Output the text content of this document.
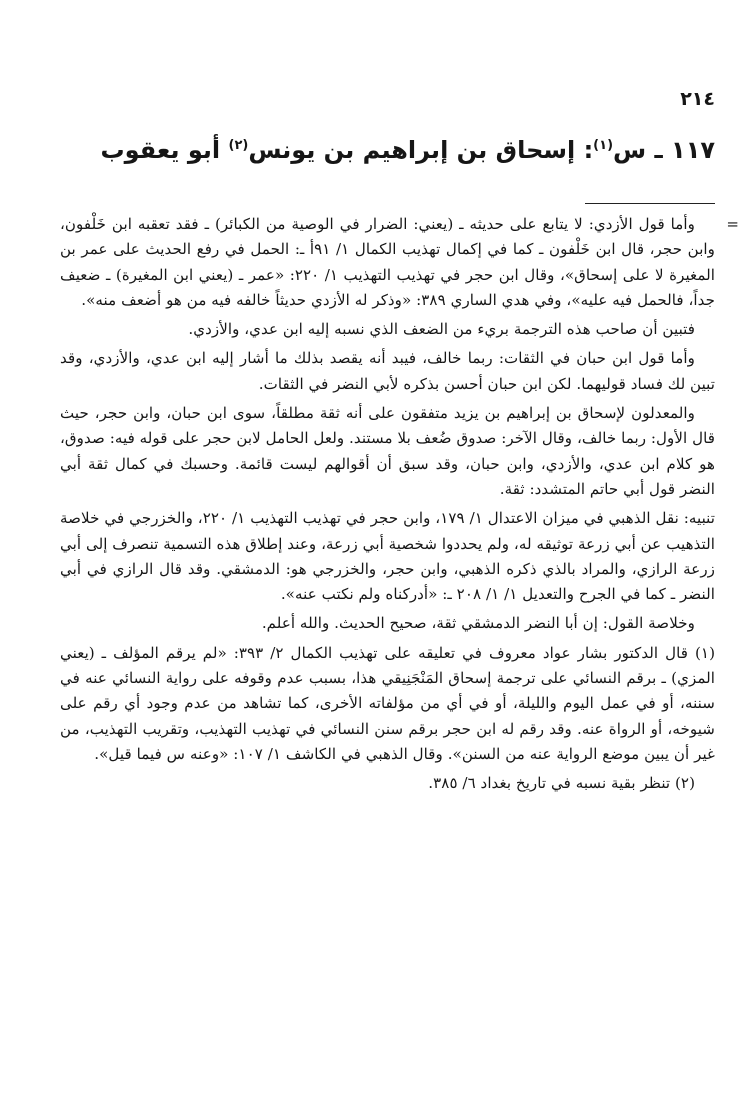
٢١٤
١١٧ ـ س$^{(١)}$: إسحاق بن إبراهيم بن يونس$^{(٢)}$ أبو يعقوب
=

وأما قول الأزدي: لا يتابع على حديثه ـ (يعني: الضرار في الوصية من الكبائر) ـ فقد تعقبه ابن خَلْفون، وابن حجر، قال ابن خَلْفون ـ كما في إكمال تهذيب الكمال ١/ ٩١أ ـ: الحمل في رفع الحديث على عمر بن المغيرة لا على إسحاق»، وقال ابن حجر في تهذيب التهذيب ١/ ٢٢٠: «عمر ـ (يعني ابن المغيرة) ـ ضعيف جداً، فالحمل فيه عليه»، وفي هدي الساري ٣٨٩: «وذكر له الأزدي حديثاً خالفه فيه من هو أضعف منه».

فتبين أن صاحب هذه الترجمة بريء من الضعف الذي نسبه إليه ابن عدي، والأزدي.

وأما قول ابن حبان في الثقات: ربما خالف، فيبد أنه يقصد بذلك ما أشار إليه ابن عدي، والأزدي، وقد تبين لك فساد قوليهما. لكن ابن حبان أحسن بذكره لأبي النضر في الثقات.

والمعدلون لإسحاق بن إبراهيم بن يزيد متفقون على أنه ثقة مطلقاً، سوى ابن حبان، وابن حجر، حيث قال الأول: ربما خالف، وقال الآخر: صدوق ضُعف بلا مستند. ولعل الحامل لابن حجر على قوله فيه: صدوق، هو كلام ابن عدي، والأزدي، وابن حبان، وقد سبق أن أقوالهم ليست قائمة. وحسبك في كمال ثقة أبي النضر قول أبي حاتم المتشدد: ثقة.

تنبيه: نقل الذهبي في ميزان الاعتدال ١/ ١٧٩، وابن حجر في تهذيب التهذيب ١/ ٢٢٠، والخزرجي في خلاصة التذهيب عن أبي زرعة توثيقه له، ولم يحددوا شخصية أبي زرعة، وعند إطلاق هذه التسمية تنصرف إلى أبي زرعة الرازي، والمراد بالذي ذكره الذهبي، وابن حجر، والخزرجي هو: الدمشقي. وقد قال الرازي في أبي النضر ـ كما في الجرح والتعديل ١/ ١/ ٢٠٨ ـ: «أدركناه ولم نكتب عنه».

وخلاصة القول: إن أبا النضر الدمشقي ثقة، صحيح الحديث. والله أعلم.

(١) قال الدكتور بشار عواد معروف في تعليقه على تهذيب الكمال ٢/ ٣٩٣: «لم يرقم المؤلف ـ (يعني المزي) ـ برقم النسائي على ترجمة إسحاق المَنْجَنِيقي هذا، بسبب عدم وقوفه على رواية النسائي عنه في سننه، أو في عمل اليوم والليلة، أو في أي من مؤلفاته الأخرى، كما تشاهد من عدم وجود أي رقم على شيوخه، أو الرواة عنه. وقد رقم له ابن حجر برقم سنن النسائي في تهذيب التهذيب، وتقريب التهذيب، من غير أن يبين موضع الرواية عنه من السنن». وقال الذهبي في الكاشف ١/ ١٠٧: «وعنه س فيما قيل».

(٢) تنظر بقية نسبه في تاريخ بغداد ٦/ ٣٨٥.
